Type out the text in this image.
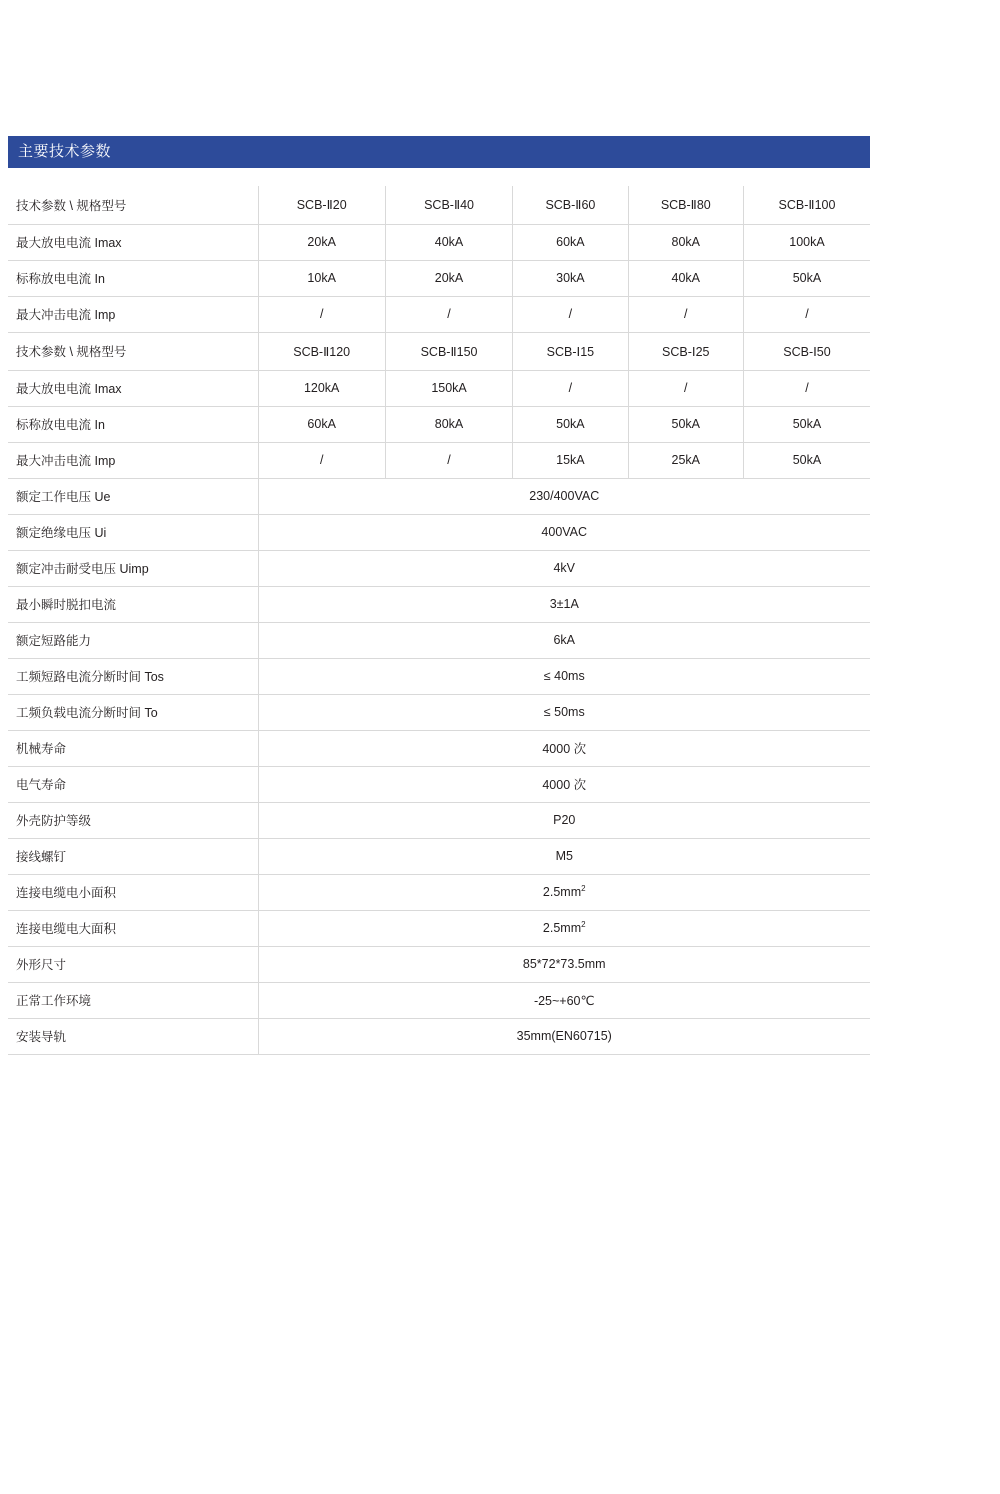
主要技术参数
技术参数 \ 规格型号	SCB-Ⅱ20	SCB-Ⅱ40	SCB-Ⅱ60	SCB-Ⅱ80	SCB-Ⅱ100
最大放电电流 Imax	20kA	40kA	60kA	80kA	100kA
标称放电电流 In	10kA	20kA	30kA	40kA	50kA
最大冲击电流 Imp	/	/	/	/	/
技术参数 \ 规格型号	SCB-Ⅱ120	SCB-Ⅱ150	SCB-Ⅰ15	SCB-Ⅰ25	SCB-Ⅰ50
最大放电电流 Imax	120kA	150kA	/	/	/
标称放电电流 In	60kA	80kA	50kA	50kA	50kA
最大冲击电流 Imp	/	/	15kA	25kA	50kA
额定工作电压 Ue	230/400VAC				
额定绝缘电压 Ui	400VAC				
额定冲击耐受电压 Uimp	4kV				
最小瞬时脱扣电流	3±1A				
额定短路能力	6kA				
工频短路电流分断时间 Tos	≤ 40ms				
工频负载电流分断时间 To	≤ 50ms				
机械寿命	4000 次				
电气寿命	4000 次				
外壳防护等级	P20				
接线螺钉	M5				
连接电缆电小面积	$2.5mm^2$
连接电缆电大面积	$2.5mm^2$
外形尺寸	85*72*73.5mm				
正常工作环境	-25~+60℃				
安装导轨	35mm(EN60715)				
